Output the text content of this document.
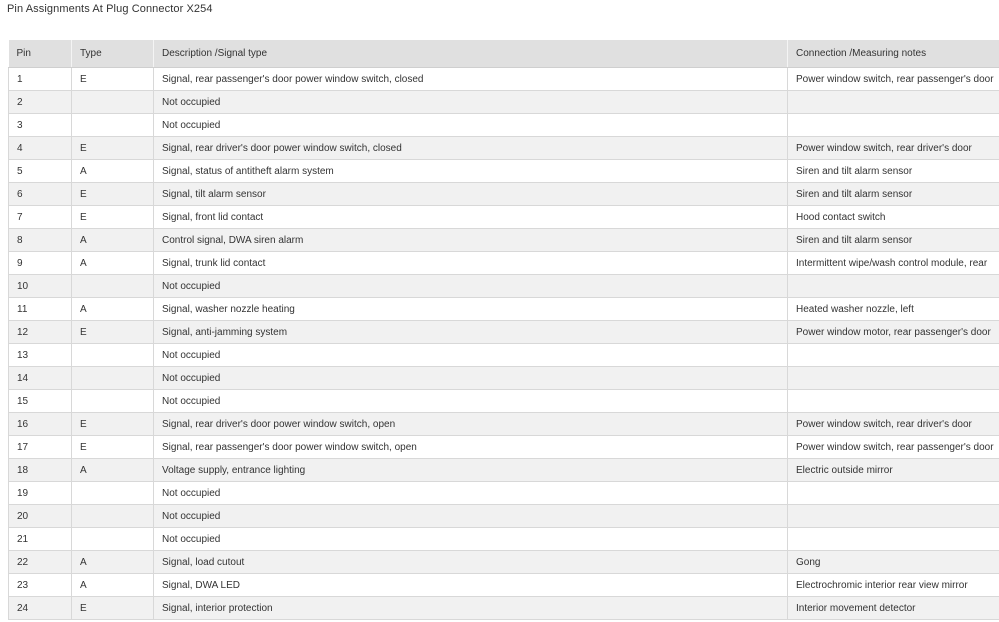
Pin Assignments At Plug Connector X254
Pin	Type	Description /Signal type	Connection /Measuring notes
1	E	Signal, rear passenger's door power window switch, closed	Power window switch, rear passenger's door
2		Not occupied	
3		Not occupied	
4	E	Signal, rear driver's door power window switch, closed	Power window switch, rear driver's door
5	A	Signal, status of antitheft alarm system	Siren and tilt alarm sensor
6	E	Signal, tilt alarm sensor	Siren and tilt alarm sensor
7	E	Signal, front lid contact	Hood contact switch
8	A	Control signal, DWA siren alarm	Siren and tilt alarm sensor
9	A	Signal, trunk lid contact	Intermittent wipe/wash control module, rear
10		Not occupied	
11	A	Signal, washer nozzle heating	Heated washer nozzle, left
12	E	Signal, anti-jamming system	Power window motor, rear passenger's door
13		Not occupied	
14		Not occupied	
15		Not occupied	
16	E	Signal, rear driver's door power window switch, open	Power window switch, rear driver's door
17	E	Signal, rear passenger's door power window switch, open	Power window switch, rear passenger's door
18	A	Voltage supply, entrance lighting	Electric outside mirror
19		Not occupied	
20		Not occupied	
21		Not occupied	
22	A	Signal, load cutout	Gong
23	A	Signal, DWA LED	Electrochromic interior rear view mirror
24	E	Signal, interior protection	Interior movement detector
